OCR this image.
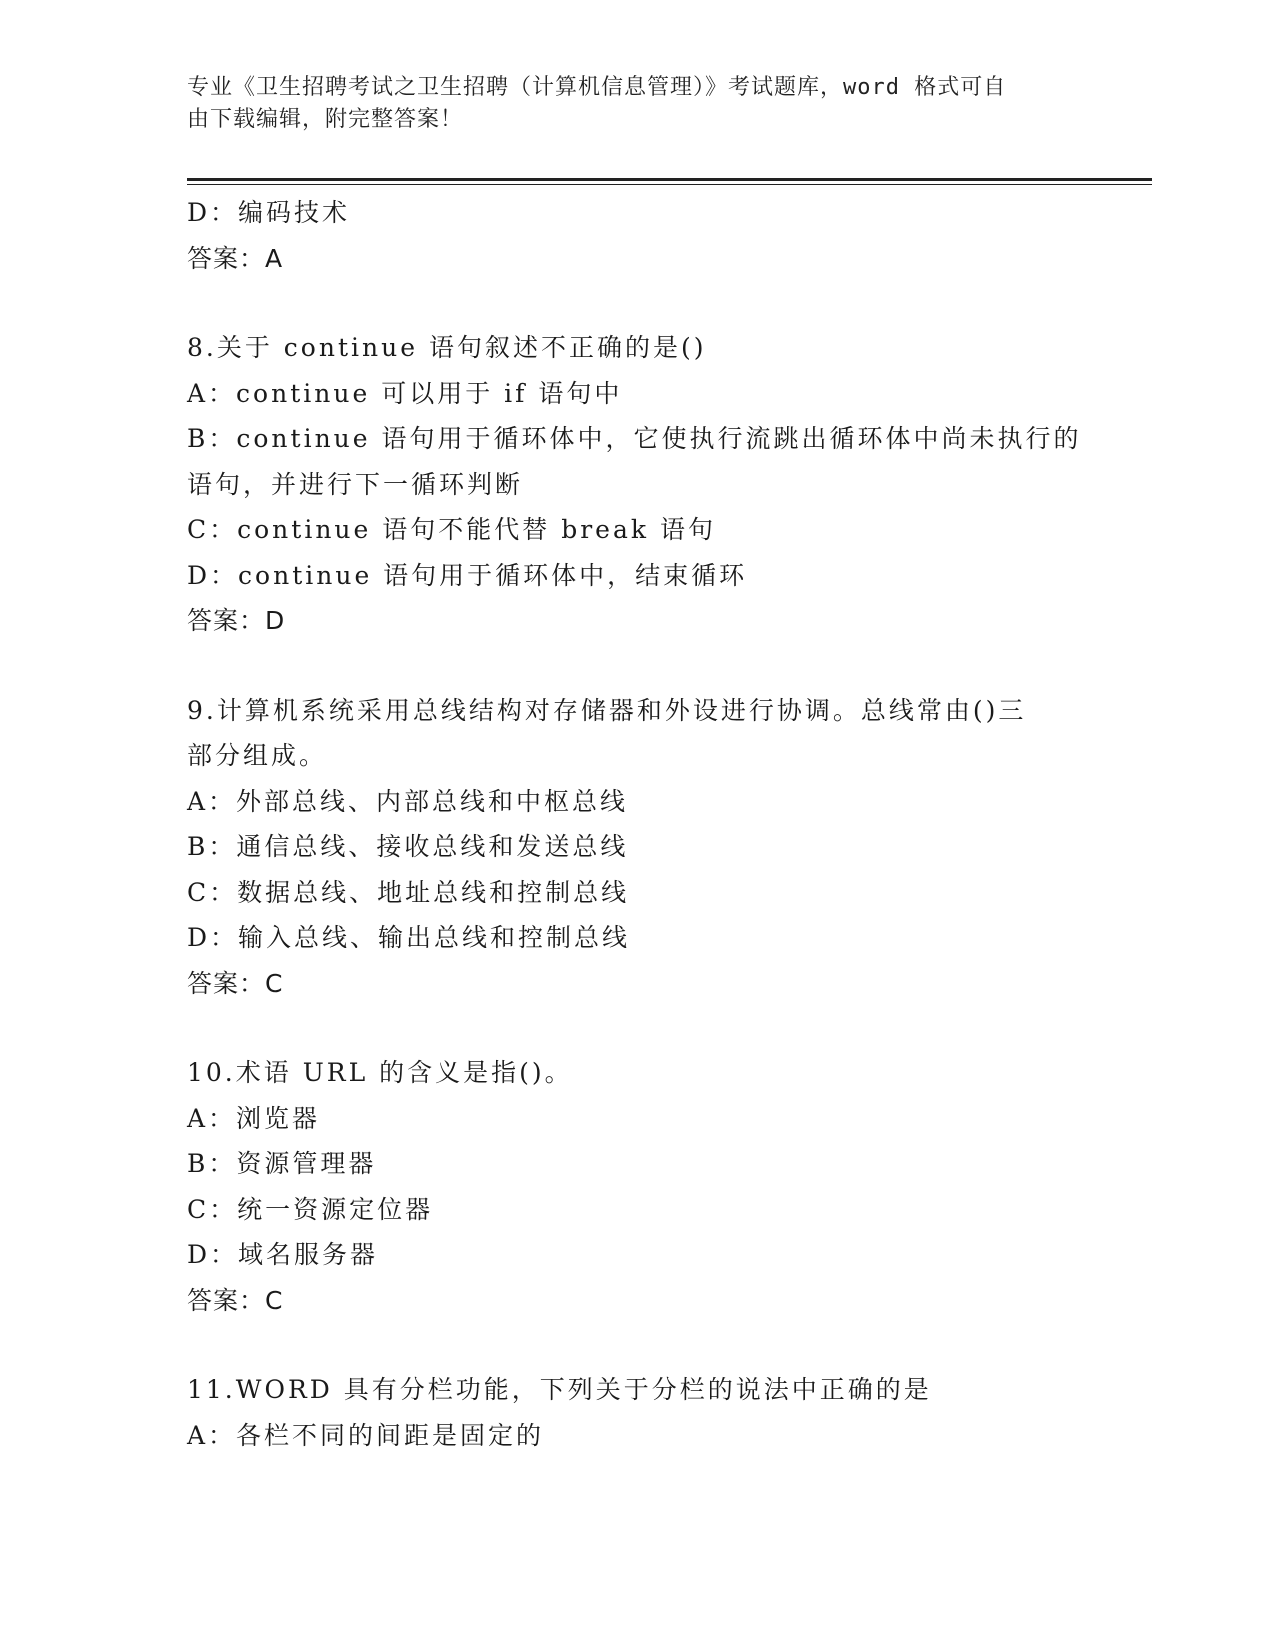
专业《卫生招聘考试之卫生招聘（计算机信息管理）》考试题库，word 格式可自
由下载编辑，附完整答案！
D：编码技术
答案：A
8.关于 continue 语句叙述不正确的是()
A：continue 可以用于 if 语句中
B：continue 语句用于循环体中，它使执行流跳出循环体中尚未执行的
语句，并进行下一循环判断
C：continue 语句不能代替 break 语句
D：continue 语句用于循环体中，结束循环
答案：D
9.计算机系统采用总线结构对存储器和外设进行协调。总线常由()三
部分组成。
A：外部总线、内部总线和中枢总线
B：通信总线、接收总线和发送总线
C：数据总线、地址总线和控制总线
D：输入总线、输出总线和控制总线
答案：C
10.术语 URL 的含义是指()。
A：浏览器
B：资源管理器
C：统一资源定位器
D：域名服务器
答案：C
11.WORD 具有分栏功能，下列关于分栏的说法中正确的是
A：各栏不同的间距是固定的
